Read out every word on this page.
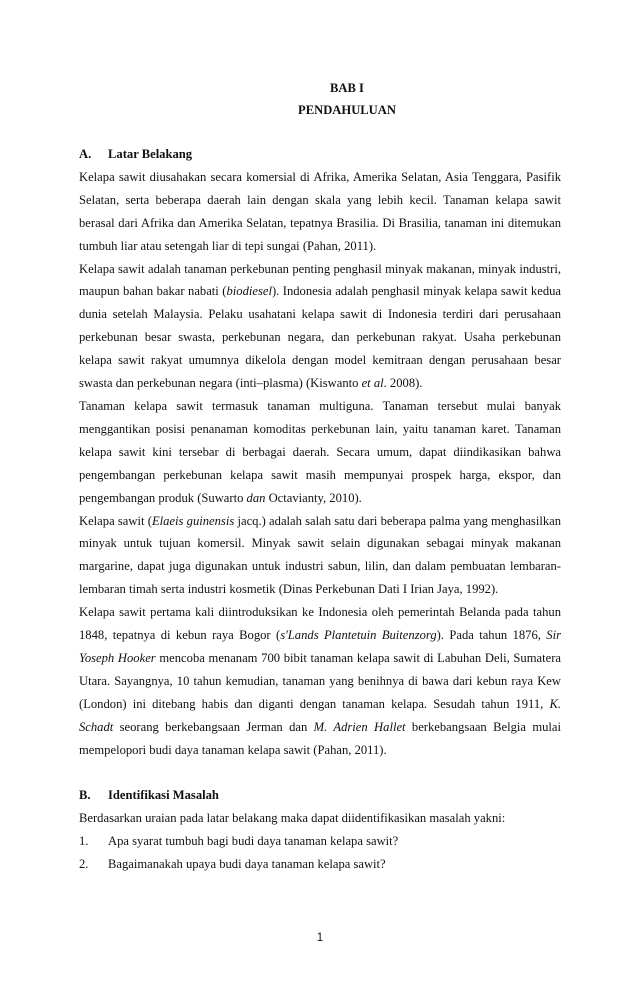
BAB I
PENDAHULUAN
A.	Latar Belakang

Kelapa sawit diusahakan secara komersial di Afrika, Amerika Selatan, Asia Tenggara, Pasifik Selatan, serta beberapa daerah lain dengan skala yang lebih kecil. Tanaman kelapa sawit berasal dari Afrika dan Amerika Selatan, tepatnya Brasilia. Di Brasilia, tanaman ini ditemukan tumbuh liar atau setengah liar di tepi sungai (Pahan, 2011).

Kelapa sawit adalah tanaman perkebunan penting penghasil minyak makanan, minyak industri, maupun bahan bakar nabati (biodiesel). Indonesia adalah penghasil minyak kelapa sawit kedua dunia setelah Malaysia. Pelaku usahatani kelapa sawit di Indonesia terdiri dari perusahaan perkebunan besar swasta, perkebunan negara, dan perkebunan rakyat. Usaha perkebunan kelapa sawit rakyat umumnya dikelola dengan model kemitraan dengan perusahaan besar swasta dan perkebunan negara (inti–plasma) (Kiswanto et al. 2008).

Tanaman kelapa sawit termasuk tanaman multiguna. Tanaman tersebut mulai banyak menggantikan posisi penanaman komoditas perkebunan lain, yaitu tanaman karet. Tanaman kelapa sawit kini tersebar di berbagai daerah. Secara umum, dapat diindikasikan bahwa pengembangan perkebunan kelapa sawit masih mempunyai prospek harga, ekspor, dan pengembangan produk (Suwarto dan Octavianty, 2010).

Kelapa sawit (Elaeis guinensis jacq.) adalah salah satu dari beberapa palma yang menghasilkan minyak untuk tujuan komersil. Minyak sawit selain digunakan sebagai minyak makanan margarine, dapat juga digunakan untuk industri sabun, lilin, dan dalam pembuatan lembaran-lembaran timah serta industri kosmetik (Dinas Perkebunan Dati I Irian Jaya, 1992).

Kelapa sawit pertama kali diintroduksikan ke Indonesia oleh pemerintah Belanda pada tahun 1848, tepatnya di kebun raya Bogor (s'Lands Plantetuin Buitenzorg). Pada tahun 1876, Sir Yoseph Hooker mencoba menanam 700 bibit tanaman kelapa sawit di Labuhan Deli, Sumatera Utara. Sayangnya, 10 tahun kemudian, tanaman yang benihnya di bawa dari kebun raya Kew (London) ini ditebang habis dan diganti dengan tanaman kelapa. Sesudah tahun 1911, K. Schadt seorang berkebangsaan Jerman dan M. Adrien Hallet berkebangsaan Belgia mulai mempelopori budi daya tanaman kelapa sawit (Pahan, 2011).

B.	Identifikasi Masalah

Berdasarkan uraian pada latar belakang maka dapat diidentifikasikan masalah yakni:

1.	Apa syarat tumbuh bagi budi daya tanaman kelapa sawit?
2.	Bagaimanakah upaya budi daya tanaman kelapa sawit?
1
